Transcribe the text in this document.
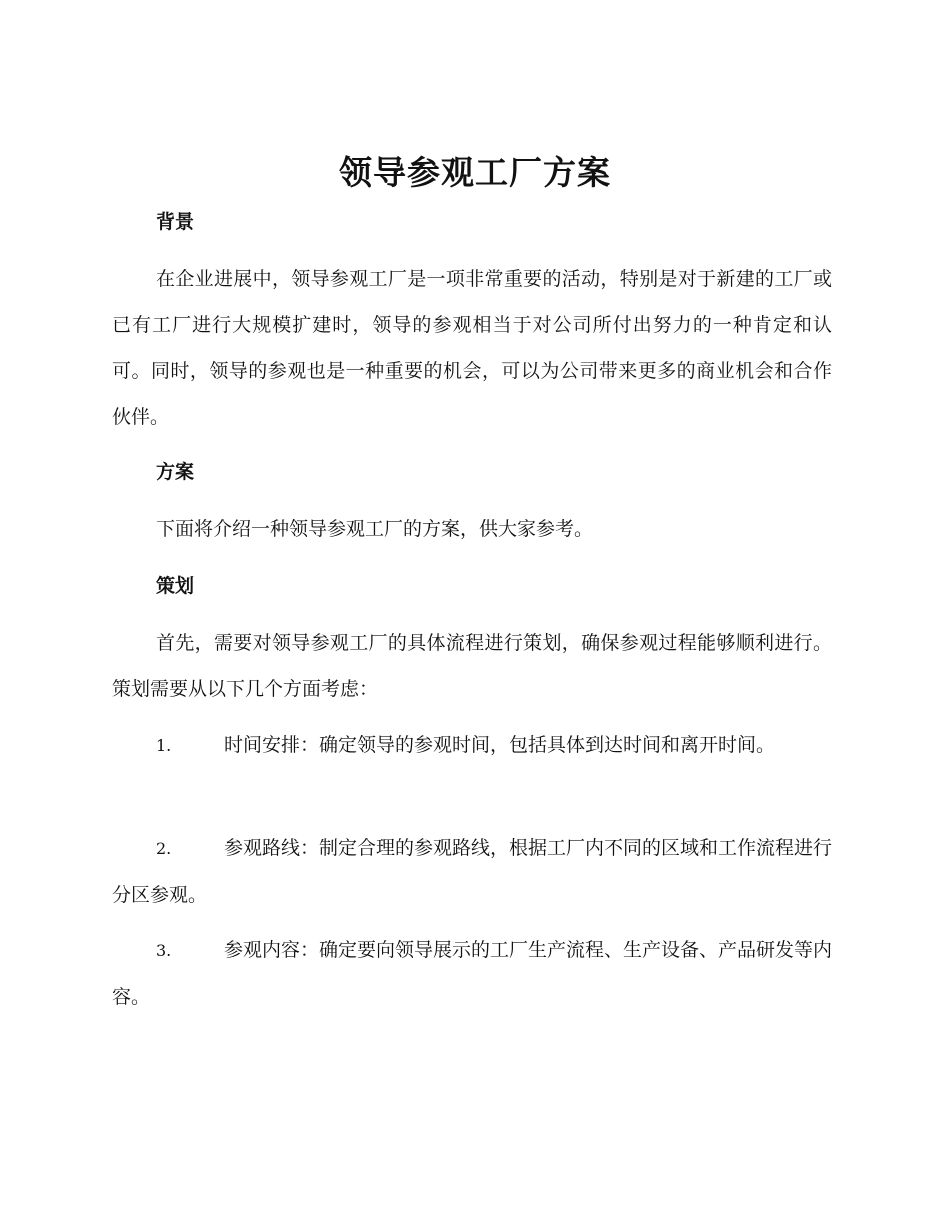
领导参观工厂方案
背景

在企业进展中，领导参观工厂是一项非常重要的活动，特别是对于新建的工厂或已有工厂进行大规模扩建时，领导的参观相当于对公司所付出努力的一种肯定和认可。同时，领导的参观也是一种重要的机会，可以为公司带来更多的商业机会和合作伙伴。

方案

下面将介绍一种领导参观工厂的方案，供大家参考。

策划

首先，需要对领导参观工厂的具体流程进行策划，确保参观过程能够顺利进行。策划需要从以下几个方面考虑：

1.	时间安排：确定领导的参观时间，包括具体到达时间和离开时间。

2.	参观路线：制定合理的参观路线，根据工厂内不同的区域和工作流程进行分区参观。

3.	参观内容：确定要向领导展示的工厂生产流程、生产设备、产品研发等内容。
